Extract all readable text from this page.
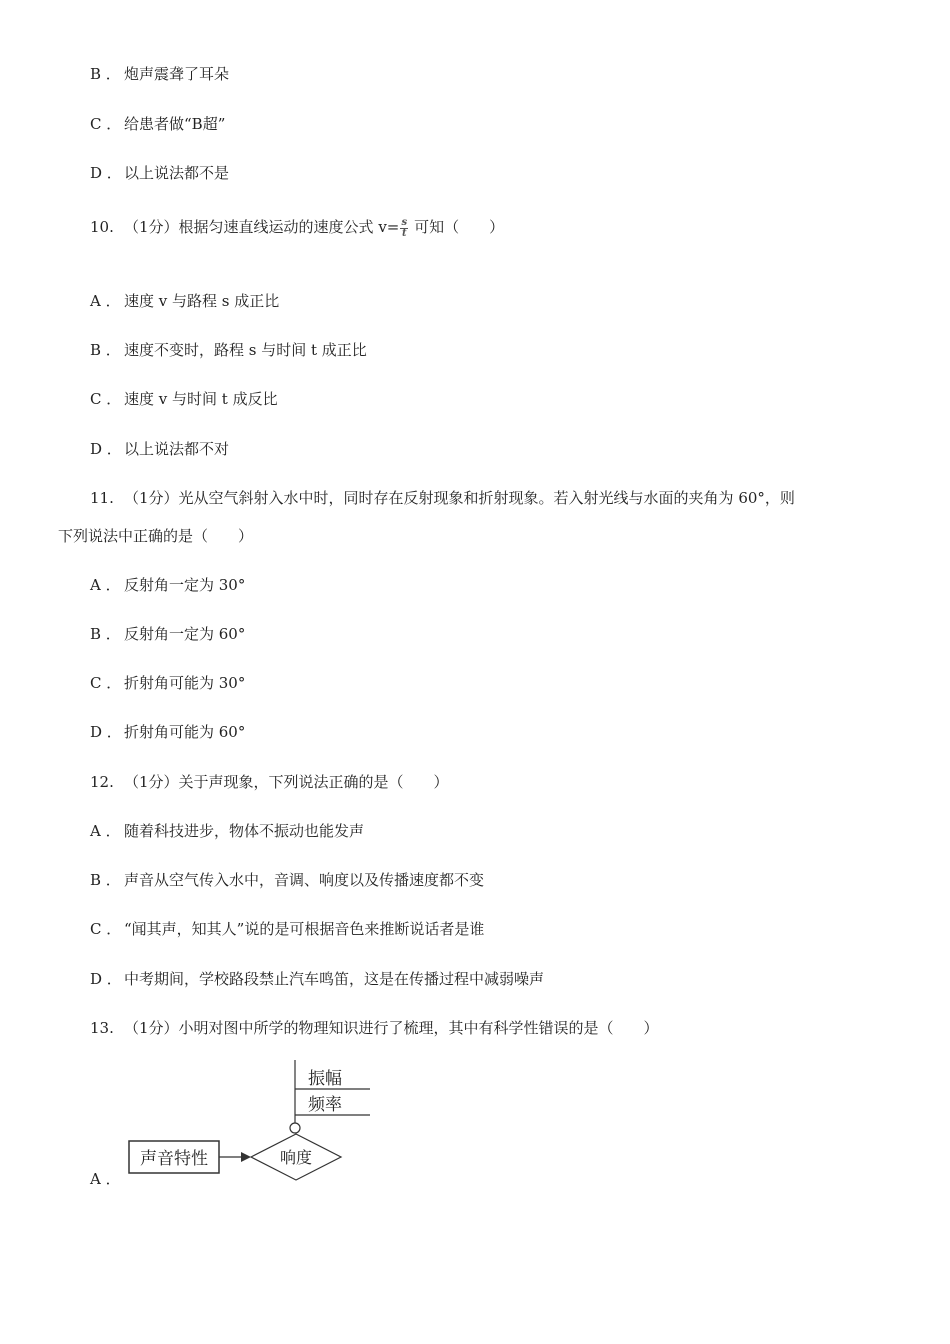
B ． 炮声震聋了耳朵
C ． 给患者做“B超”
D ． 以上说法都不是
10. （1分）根据匀速直线运动的速度公式 $v= \frac{s}{t}$ 可知（　　）
A ． 速度 v 与路程 s 成正比
B ． 速度不变时，路程 s 与时间 t 成正比
C ． 速度 v 与时间 t 成反比
D ． 以上说法都不对
11. （1分）光从空气斜射入水中时，同时存在反射现象和折射现象。若入射光线与水面的夹角为 60°，则
下列说法中正确的是（　　）
A ． 反射角一定为 30°
B ． 反射角一定为 60°
C ． 折射角可能为 30°
D ． 折射角可能为 60°
12. （1分）关于声现象，下列说法正确的是（　　）
A ． 随着科技进步，物体不振动也能发声
B ． 声音从空气传入水中，音调、响度以及传播速度都不变
C ． “闻其声，知其人”说的是可根据音色来推断说话者是谁
D ． 中考期间，学校路段禁止汽车鸣笛，这是在传播过程中减弱噪声
13. （1分）小明对图中所学的物理知识进行了梳理，其中有科学性错误的是（　　）
A ．
振幅
频率
声音特性	响度
